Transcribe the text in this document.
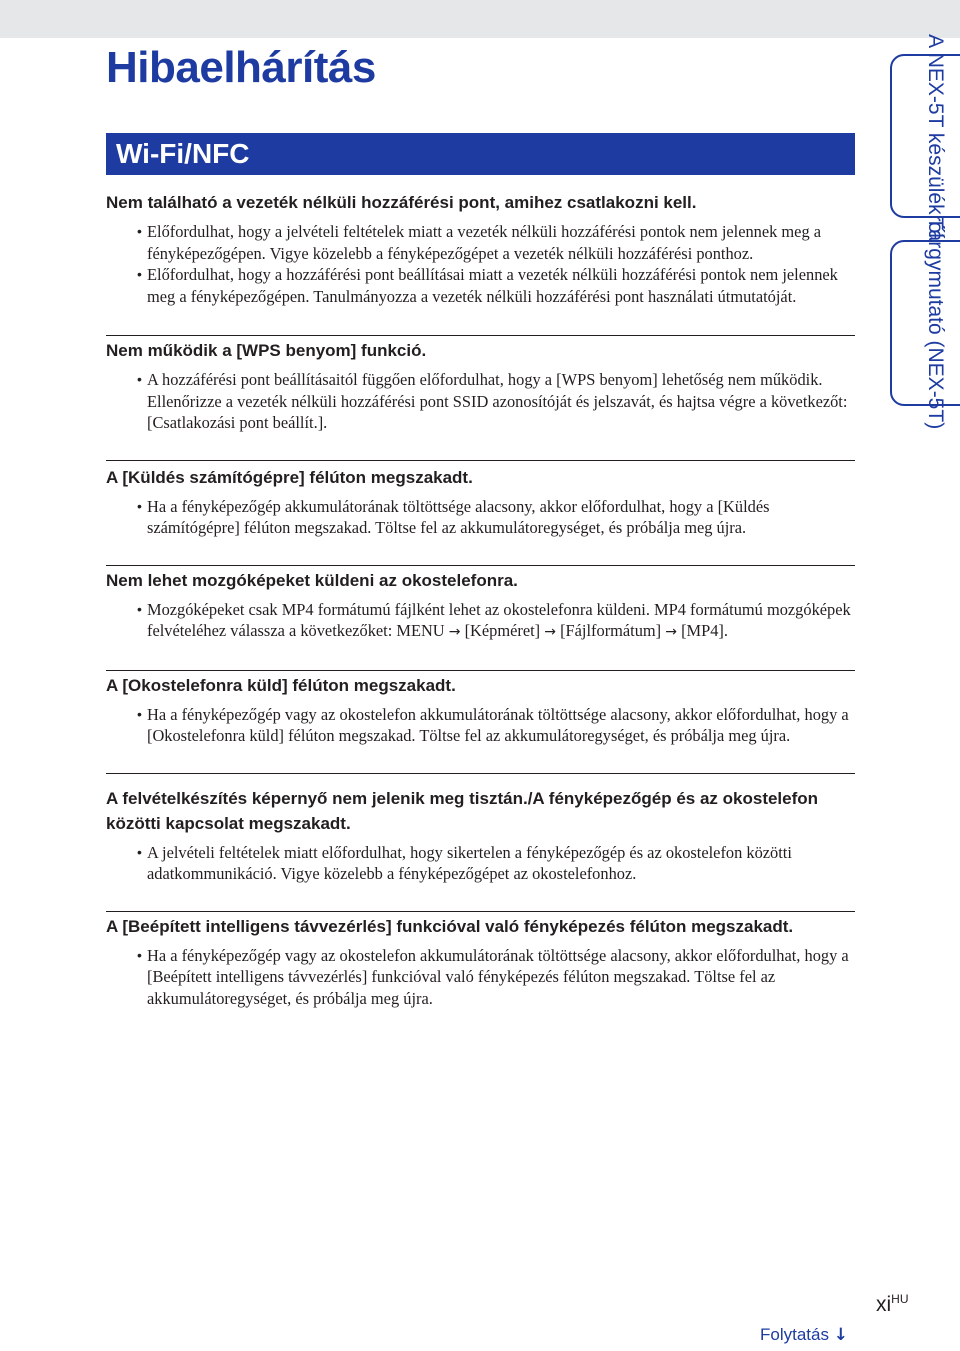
Hibaelhárítás
Wi-Fi/NFC

Nem található a vezeték nélküli hozzáférési pont, amihez csatlakozni kell.

• Előfordulhat, hogy a jelvételi feltételek miatt a vezeték nélküli hozzáférési pontok nem jelennek meg a fényképezőgépen. Vigye közelebb a fényképezőgépet a vezeték nélküli hozzáférési ponthoz.
• Előfordulhat, hogy a hozzáférési pont beállításai miatt a vezeték nélküli hozzáférési pontok nem jelennek meg a fényképezőgépen. Tanulmányozza a vezeték nélküli hozzáférési pont használati útmutatóját.

Nem működik a [WPS benyom] funkció.

• A hozzáférési pont beállításaitól függően előfordulhat, hogy a [WPS benyom] lehetőség nem működik. Ellenőrizze a vezeték nélküli hozzáférési pont SSID azonosítóját és jelszavát, és hajtsa végre a következőt: [Csatlakozási pont beállít.].

A [Küldés számítógépre] félúton megszakadt.

• Ha a fényképezőgép akkumulátorának töltöttsége alacsony, akkor előfordulhat, hogy a [Küldés számítógépre] félúton megszakad. Töltse fel az akkumulátoregységet, és próbálja meg újra.

Nem lehet mozgóképeket küldeni az okostelefonra.

• Mozgóképeket csak MP4 formátumú fájlként lehet az okostelefonra küldeni. MP4 formátumú mozgóképek felvételéhez válassza a következőket: MENU → [Képméret] → [Fájlformátum] → [MP4].

A [Okostelefonra küld] félúton megszakadt.

• Ha a fényképezőgép vagy az okostelefon akkumulátorának töltöttsége alacsony, akkor előfordulhat, hogy a [Okostelefonra küld] félúton megszakad. Töltse fel az akkumulátoregységet, és próbálja meg újra.

A felvételkészítés képernyő nem jelenik meg tisztán./A fényképezőgép és az okostelefon közötti kapcsolat megszakadt.

• A jelvételi feltételek miatt előfordulhat, hogy sikertelen a fényképezőgép és az okostelefon közötti adatkommunikáció. Vigye közelebb a fényképezőgépet az okostelefonhoz.

A [Beépített intelligens távvezérlés] funkcióval való fényképezés félúton megszakadt.

• Ha a fényképezőgép vagy az okostelefon akkumulátorának töltöttsége alacsony, akkor előfordulhat, hogy a [Beépített intelligens távvezérlés] funkcióval való fényképezés félúton megszakad. Töltse fel az akkumulátoregységet, és próbálja meg újra.
A NEX-5T készülékről
Tárgymutató (NEX-5T)
$xi^{HU}$
Folytatás ↓
